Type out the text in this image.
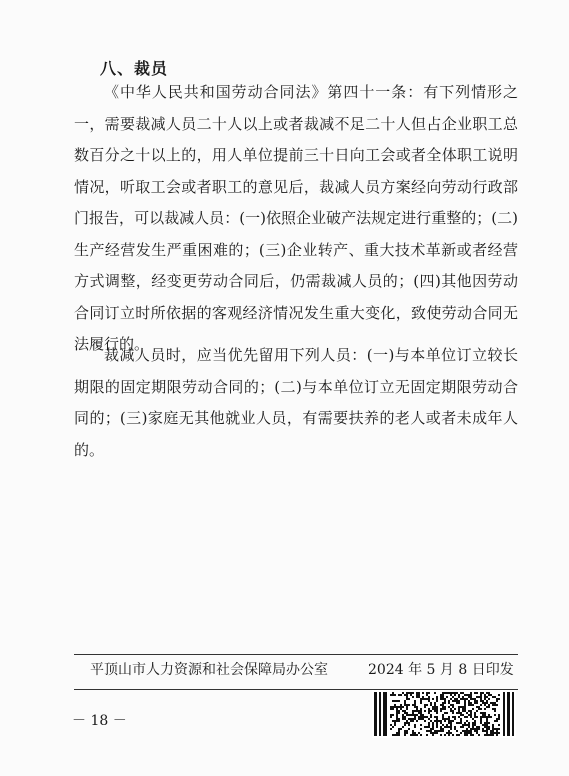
八、裁员

《中华人民共和国劳动合同法》第四十一条：有下列情形之一，需要裁减人员二十人以上或者裁减不足二十人但占企业职工总数百分之十以上的，用人单位提前三十日向工会或者全体职工说明情况，听取工会或者职工的意见后，裁减人员方案经向劳动行政部门报告，可以裁减人员：(一)依照企业破产法规定进行重整的；(二)生产经营发生严重困难的；(三)企业转产、重大技术革新或者经营方式调整，经变更劳动合同后，仍需裁减人员的；(四)其他因劳动合同订立时所依据的客观经济情况发生重大变化，致使劳动合同无法履行的。

裁减人员时，应当优先留用下列人员：(一)与本单位订立较长期限的固定期限劳动合同的；(二)与本单位订立无固定期限劳动合同的；(三)家庭无其他就业人员，有需要扶养的老人或者未成年人的。

平顶山市人力资源和社会保障局办公室	2024 年 5 月 8 日印发
－ 18 －
